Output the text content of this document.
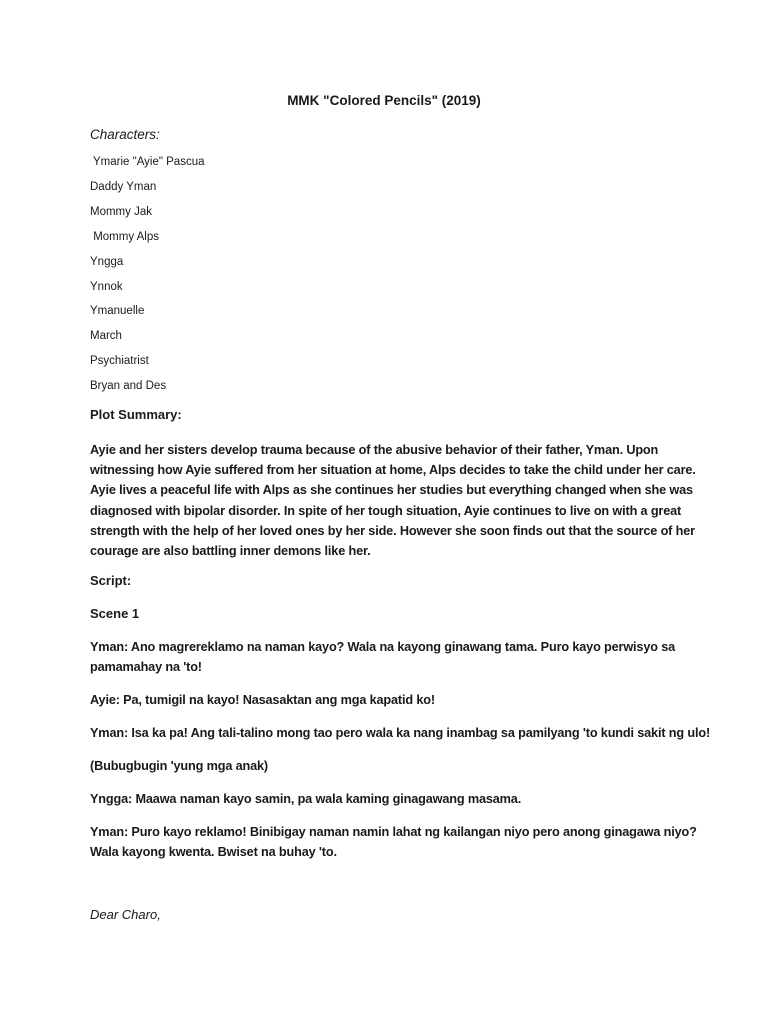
MMK "Colored Pencils" (2019)
Characters:
Ymarie "Ayie" Pascua
Daddy Yman
Mommy Jak
Mommy Alps
Yngga
Ynnok
Ymanuelle
March
Psychiatrist
Bryan and Des
Plot Summary:
Ayie and her sisters develop trauma because of the abusive behavior of their father, Yman. Upon
witnessing how Ayie suffered from her situation at home, Alps decides to take the child under her care.
Ayie lives a peaceful life with Alps as she continues her studies but everything changed when she was
diagnosed with bipolar disorder. In spite of her tough situation, Ayie continues to live on with a great
strength with the help of her loved ones by her side. However she soon finds out that the source of her
courage are also battling inner demons like her.
Script:
Scene 1
Yman: Ano magrereklamo na naman kayo? Wala na kayong ginawang tama. Puro kayo perwisyo sa
pamamahay na 'to!
Ayie: Pa, tumigil na kayo! Nasasaktan ang mga kapatid ko!
Yman: Isa ka pa! Ang tali-talino mong tao pero wala ka nang inambag sa pamilyang 'to kundi sakit ng ulo!
(Bubugbugin 'yung mga anak)
Yngga: Maawa naman kayo samin, pa wala kaming ginagawang masama.
Yman: Puro kayo reklamo! Binibigay naman namin lahat ng kailangan niyo pero anong ginagawa niyo?
Wala kayong kwenta. Bwiset na buhay 'to.
Dear Charo,
